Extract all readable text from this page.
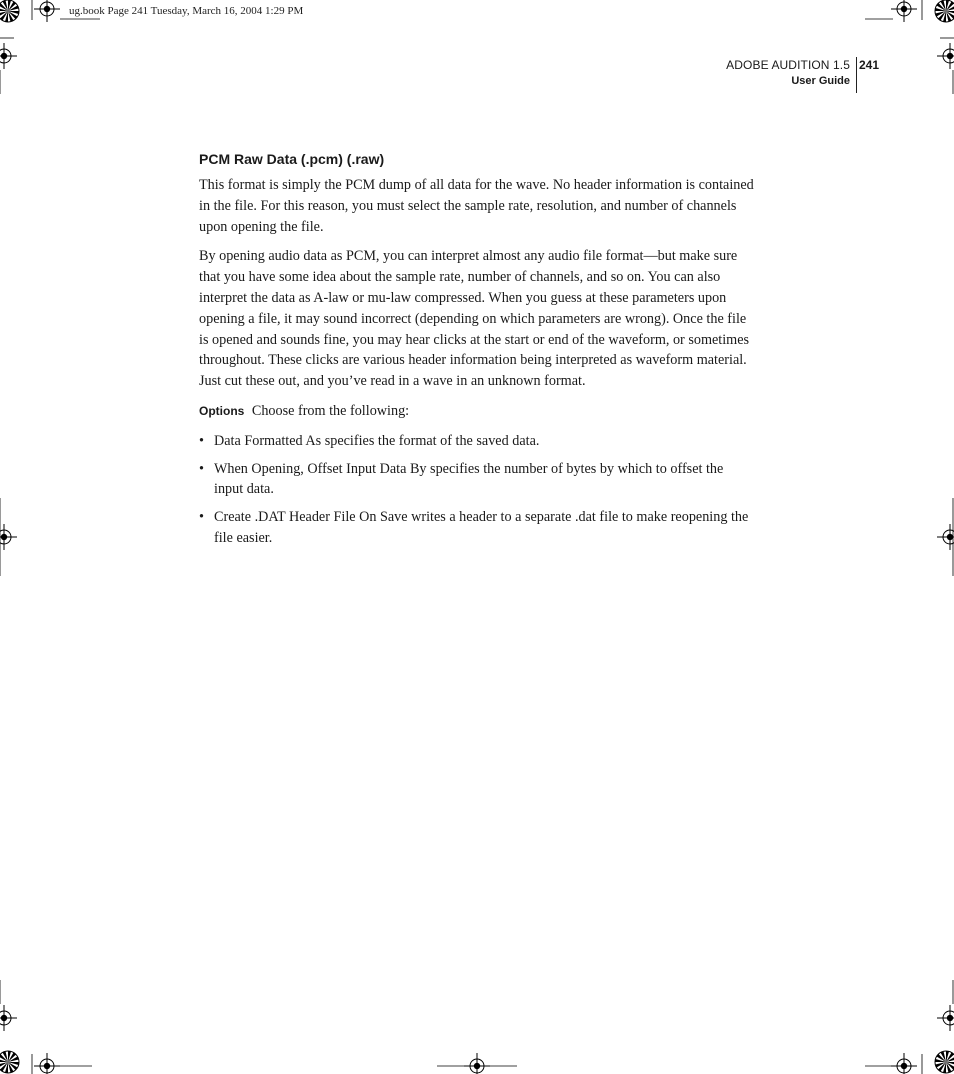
ug.book Page 241 Tuesday, March 16, 2004 1:29 PM
ADOBE AUDITION 1.5
User Guide
241
PCM Raw Data (.pcm) (.raw)

This format is simply the PCM dump of all data for the wave. No header information is contained in the file. For this reason, you must select the sample rate, resolution, and number of channels upon opening the file.

By opening audio data as PCM, you can interpret almost any audio file format—but make sure that you have some idea about the sample rate, number of channels, and so on. You can also interpret the data as A-law or mu-law compressed. When you guess at these parameters upon opening a file, it may sound incorrect (depending on which parameters are wrong). Once the file is opened and sounds fine, you may hear clicks at the start or end of the waveform, or sometimes throughout. These clicks are various header information being interpreted as waveform material. Just cut these out, and you’ve read in a wave in an unknown format.

Options Choose from the following:

• Data Formatted As specifies the format of the saved data.
• When Opening, Offset Input Data By specifies the number of bytes by which to offset the input data.
• Create .DAT Header File On Save writes a header to a separate .dat file to make reopening the file easier.
